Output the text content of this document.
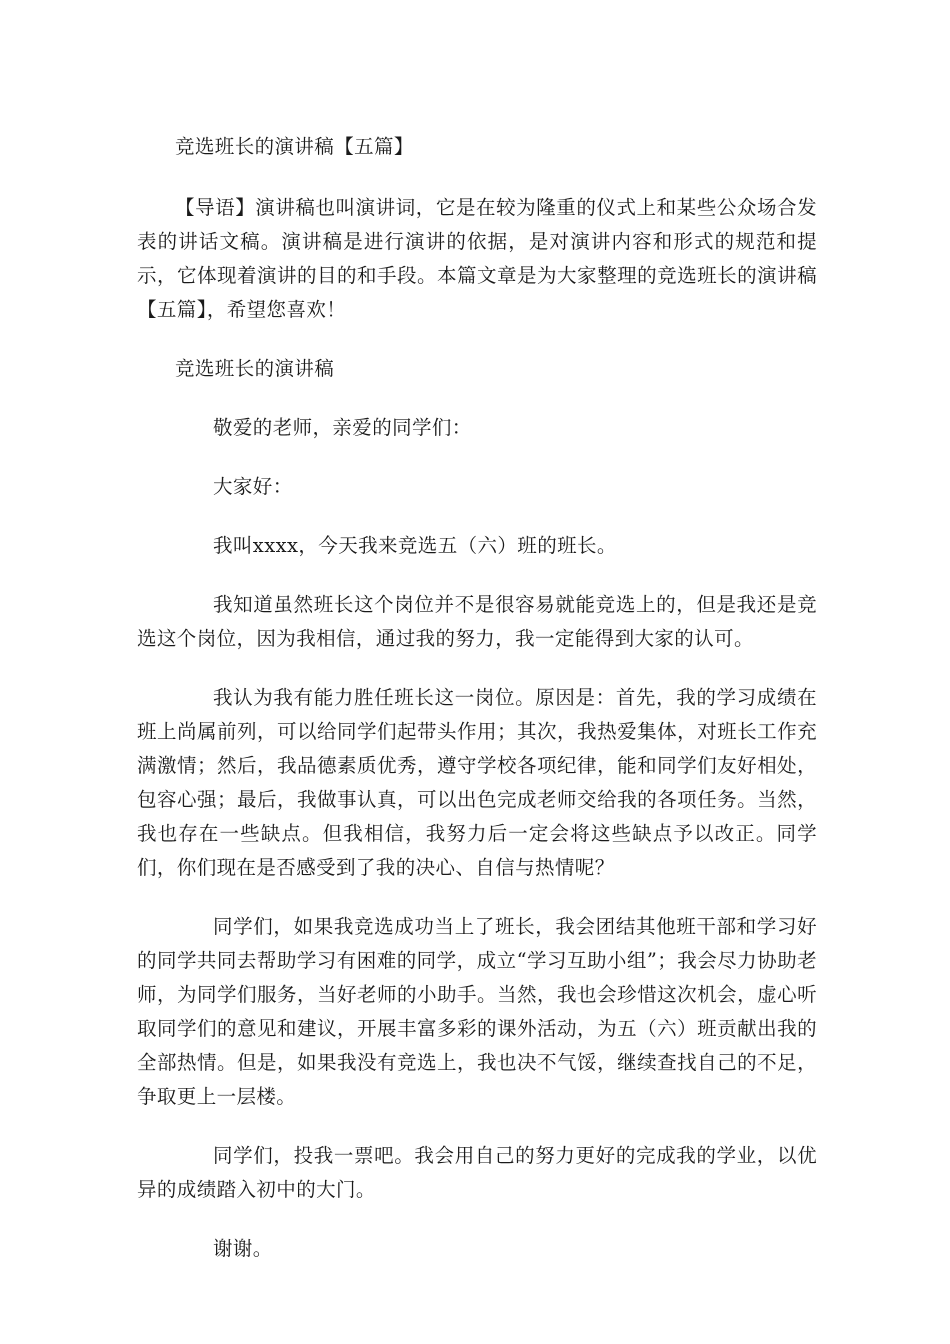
竞选班长的演讲稿【五篇】

【导语】演讲稿也叫演讲词，它是在较为隆重的仪式上和某些公众场合发表的讲话文稿。演讲稿是进行演讲的依据，是对演讲内容和形式的规范和提示，它体现着演讲的目的和手段。本篇文章是为大家整理的竞选班长的演讲稿【五篇】，希望您喜欢！

竞选班长的演讲稿

敬爱的老师，亲爱的同学们：

大家好：

我叫xxxx，今天我来竞选五（六）班的班长。

我知道虽然班长这个岗位并不是很容易就能竞选上的，但是我还是竞选这个岗位，因为我相信，通过我的努力，我一定能得到大家的认可。

我认为我有能力胜任班长这一岗位。原因是：首先，我的学习成绩在班上尚属前列，可以给同学们起带头作用；其次，我热爱集体，对班长工作充满激情；然后，我品德素质优秀，遵守学校各项纪律，能和同学们友好相处，包容心强；最后，我做事认真，可以出色完成老师交给我的各项任务。当然，我也存在一些缺点。但我相信，我努力后一定会将这些缺点予以改正。同学们，你们现在是否感受到了我的决心、自信与热情呢？

同学们，如果我竞选成功当上了班长，我会团结其他班干部和学习好的同学共同去帮助学习有困难的同学，成立“学习互助小组”；我会尽力协助老师，为同学们服务，当好老师的小助手。当然，我也会珍惜这次机会，虚心听取同学们的意见和建议，开展丰富多彩的课外活动，为五（六）班贡献出我的全部热情。但是，如果我没有竞选上，我也决不气馁，继续查找自己的不足，争取更上一层楼。

同学们，投我一票吧。我会用自己的努力更好的完成我的学业，以优异的成绩踏入初中的大门。

谢谢。
